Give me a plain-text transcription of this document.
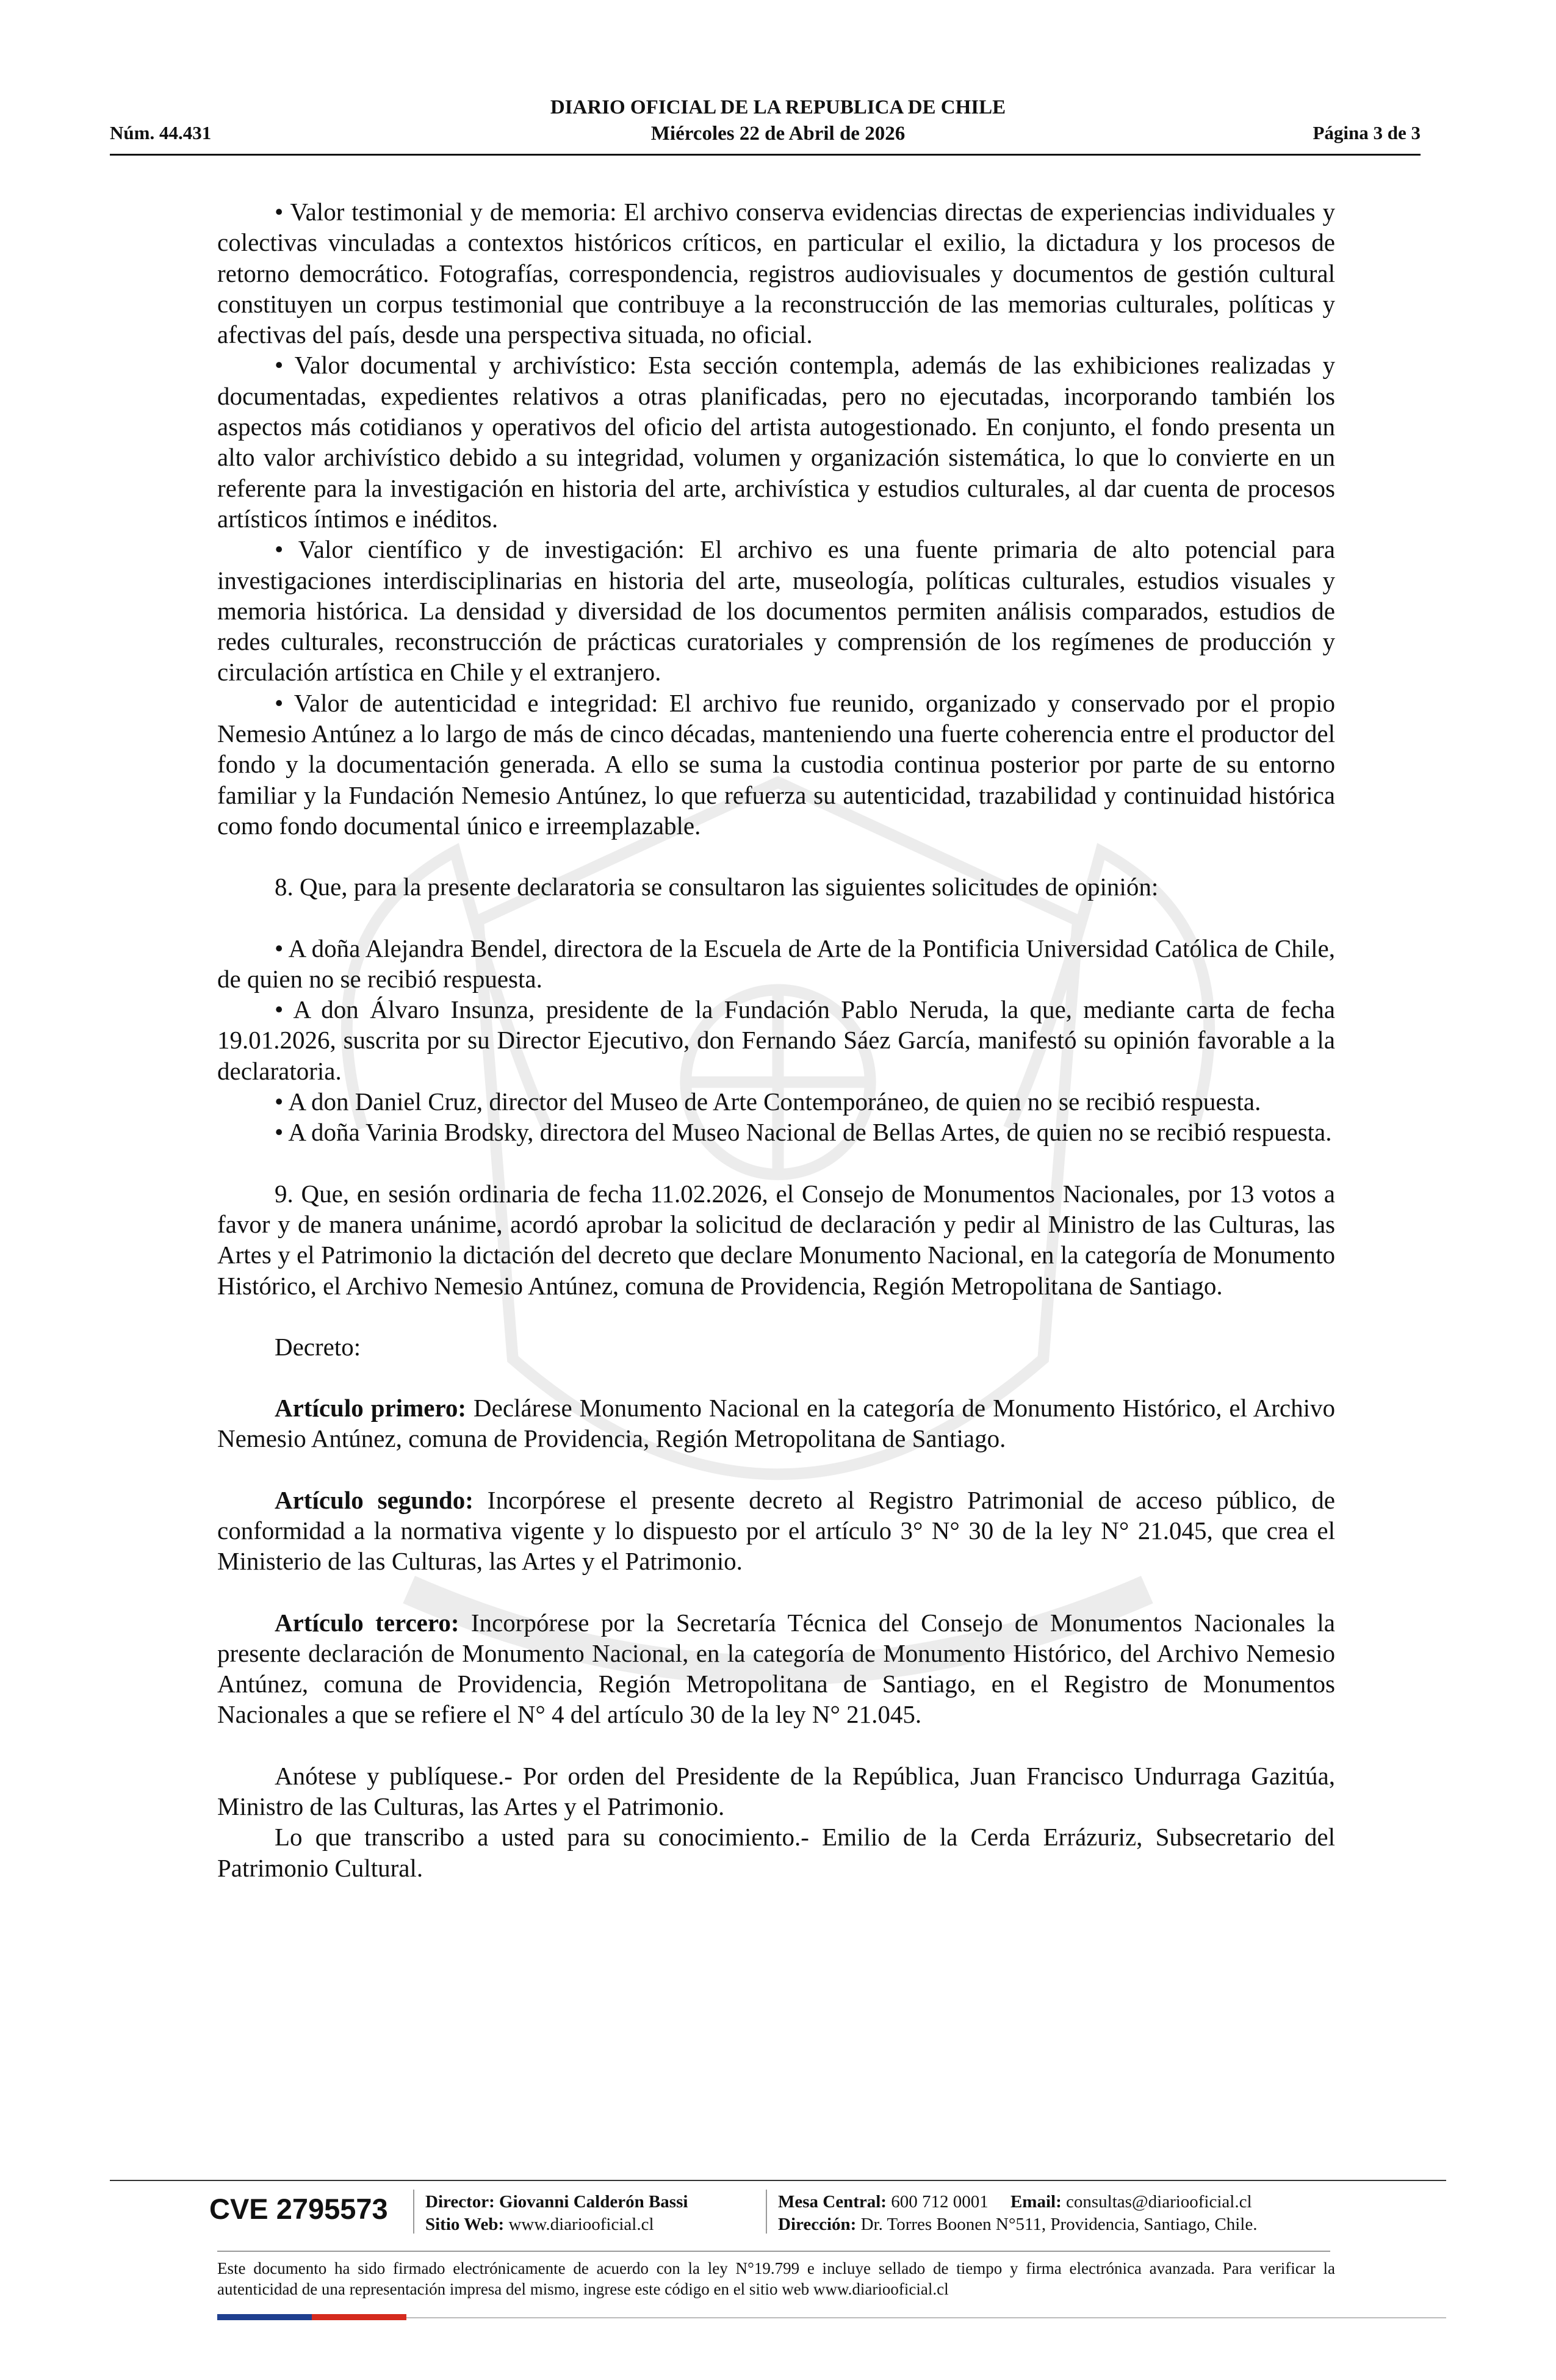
Núm. 44.431
DIARIO OFICIAL DE LA REPUBLICA DE CHILE
Miércoles 22 de Abril de 2026	Página 3 de 3

• Valor testimonial y de memoria: El archivo conserva evidencias directas de experiencias individuales y colectivas vinculadas a contextos históricos críticos, en particular el exilio, la dictadura y los procesos de retorno democrático. Fotografías, correspondencia, registros audiovisuales y documentos de gestión cultural constituyen un corpus testimonial que contribuye a la reconstrucción de las memorias culturales, políticas y afectivas del país, desde una perspectiva situada, no oficial.

• Valor documental y archivístico: Esta sección contempla, además de las exhibiciones realizadas y documentadas, expedientes relativos a otras planificadas, pero no ejecutadas, incorporando también los aspectos más cotidianos y operativos del oficio del artista autogestionado. En conjunto, el fondo presenta un alto valor archivístico debido a su integridad, volumen y organización sistemática, lo que lo convierte en un referente para la investigación en historia del arte, archivística y estudios culturales, al dar cuenta de procesos artísticos íntimos e inéditos.

• Valor científico y de investigación: El archivo es una fuente primaria de alto potencial para investigaciones interdisciplinarias en historia del arte, museología, políticas culturales, estudios visuales y memoria histórica. La densidad y diversidad de los documentos permiten análisis comparados, estudios de redes culturales, reconstrucción de prácticas curatoriales y comprensión de los regímenes de producción y circulación artística en Chile y el extranjero.

• Valor de autenticidad e integridad: El archivo fue reunido, organizado y conservado por el propio Nemesio Antúnez a lo largo de más de cinco décadas, manteniendo una fuerte coherencia entre el productor del fondo y la documentación generada. A ello se suma la custodia continua posterior por parte de su entorno familiar y la Fundación Nemesio Antúnez, lo que refuerza su autenticidad, trazabilidad y continuidad histórica como fondo documental único e irreemplazable.

8. Que, para la presente declaratoria se consultaron las siguientes solicitudes de opinión:

• A doña Alejandra Bendel, directora de la Escuela de Arte de la Pontificia Universidad Católica de Chile, de quien no se recibió respuesta.

• A don Álvaro Insunza, presidente de la Fundación Pablo Neruda, la que, mediante carta de fecha 19.01.2026, suscrita por su Director Ejecutivo, don Fernando Sáez García, manifestó su opinión favorable a la declaratoria.

• A don Daniel Cruz, director del Museo de Arte Contemporáneo, de quien no se recibió respuesta.

• A doña Varinia Brodsky, directora del Museo Nacional de Bellas Artes, de quien no se recibió respuesta.

9. Que, en sesión ordinaria de fecha 11.02.2026, el Consejo de Monumentos Nacionales, por 13 votos a favor y de manera unánime, acordó aprobar la solicitud de declaración y pedir al Ministro de las Culturas, las Artes y el Patrimonio la dictación del decreto que declare Monumento Nacional, en la categoría de Monumento Histórico, el Archivo Nemesio Antúnez, comuna de Providencia, Región Metropolitana de Santiago.

Decreto:

Artículo primero: Declárese Monumento Nacional en la categoría de Monumento Histórico, el Archivo Nemesio Antúnez, comuna de Providencia, Región Metropolitana de Santiago.

Artículo segundo: Incorpórese el presente decreto al Registro Patrimonial de acceso público, de conformidad a la normativa vigente y lo dispuesto por el artículo 3° N° 30 de la ley N° 21.045, que crea el Ministerio de las Culturas, las Artes y el Patrimonio.

Artículo tercero: Incorpórese por la Secretaría Técnica del Consejo de Monumentos Nacionales la presente declaración de Monumento Nacional, en la categoría de Monumento Histórico, del Archivo Nemesio Antúnez, comuna de Providencia, Región Metropolitana de Santiago, en el Registro de Monumentos Nacionales a que se refiere el N° 4 del artículo 30 de la ley N° 21.045.

Anótese y publíquese.- Por orden del Presidente de la República, Juan Francisco Undurraga Gazitúa, Ministro de las Culturas, las Artes y el Patrimonio.

Lo que transcribo a usted para su conocimiento.- Emilio de la Cerda Errázuriz, Subsecretario del Patrimonio Cultural.

CVE 2795573 Director: Giovanni Calderón Bassi
Sitio Web: www.diariooficial.cl
Mesa Central: 600 712 0001 Email: consultas@diariooficial.cl
Dirección: Dr. Torres Boonen N°511, Providencia, Santiago, Chile.
Este documento ha sido firmado electrónicamente de acuerdo con la ley N°19.799 e incluye sellado de tiempo y firma electrónica avanzada. Para verificar la autenticidad de una representación impresa del mismo, ingrese este código en el sitio web www.diariooficial.cl
